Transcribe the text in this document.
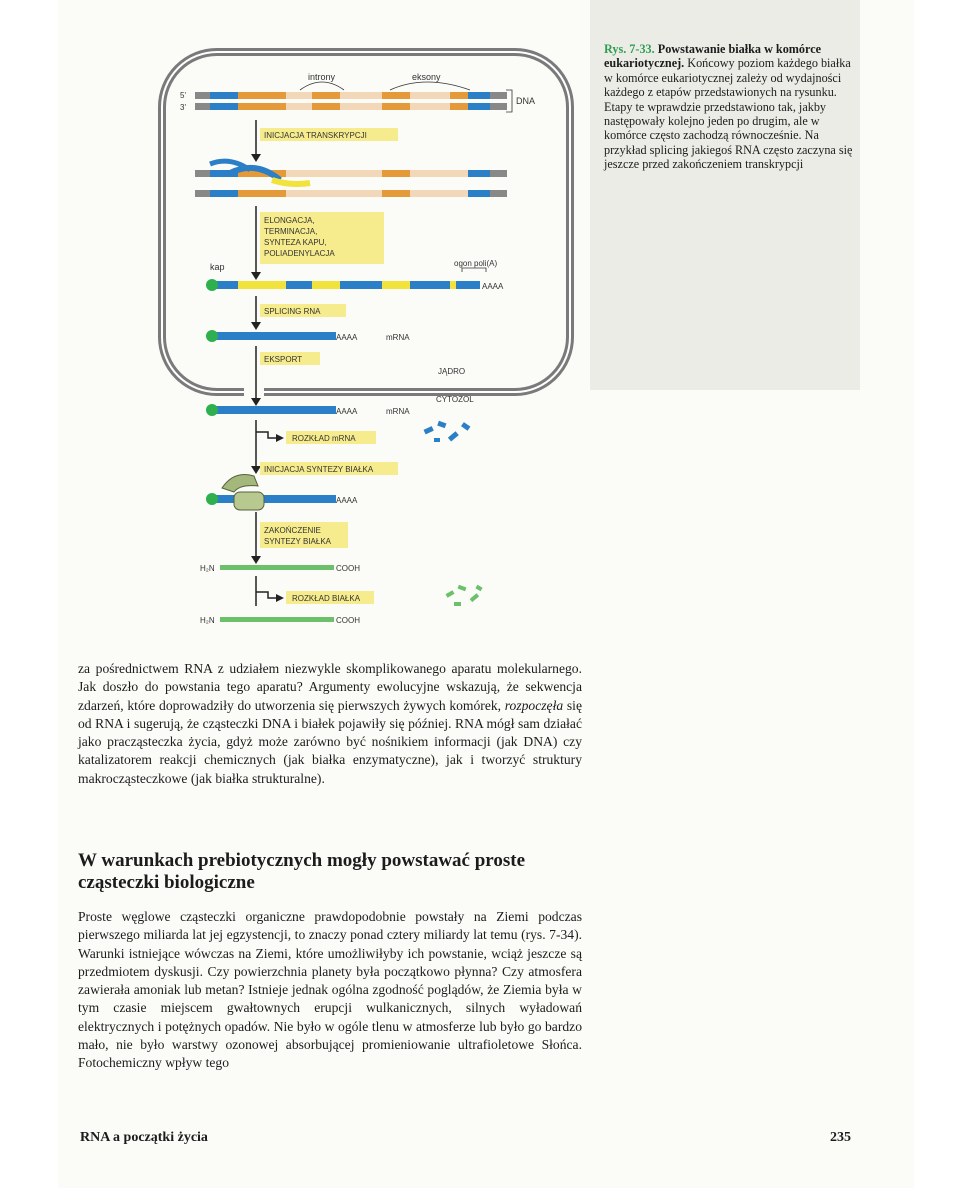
5'
3'
introny	eksony
DNA
INICJACJA TRANSKRYPCJI
ELONGACJA,
TERMINACJA,
SYNTEZA KAPU,
POLIADENYLACJA
kap	ogon poli(A)
AAAA
SPLICING RNA
AAAA	mRNA
EKSPORT
JĄDRO
CYTOZOL
AAAA	mRNA
ROZKŁAD mRNA
INICJACJA SYNTEZY BIAŁKA
AAAA
ZAKOŃCZENIE
SYNTEZY BIAŁKA
H₂N	COOH
ROZKŁAD BIAŁKA
H₂N	COOH
Rys. 7-33. Powstawanie białka w komórce eukariotycznej. Końcowy poziom każdego białka w komórce eukariotycznej zależy od wydajności każdego z etapów przedstawionych na rysunku. Etapy te wprawdzie przedstawiono tak, jakby następowały kolejno jeden po drugim, ale w komórce często zachodzą równocześnie. Na przykład splicing jakiegoś RNA często zaczyna się jeszcze przed zakończeniem transkrypcji
za pośrednictwem RNA z udziałem niezwykle skomplikowanego aparatu molekularnego. Jak doszło do powstania tego aparatu? Argumenty ewolucyjne wskazują, że sekwencja zdarzeń, które doprowadziły do utworzenia się pierwszych żywych komórek, rozpoczęła się od RNA i sugerują, że cząsteczki DNA i białek pojawiły się później. RNA mógł sam działać jako pracząsteczka życia, gdyż może zarówno być nośnikiem informacji (jak DNA) czy katalizatorem reakcji chemicznych (jak białka enzymatyczne), jak i tworzyć struktury makrocząsteczkowe (jak białka strukturalne).
W warunkach prebiotycznych mogły powstawać proste cząsteczki biologiczne
Proste węglowe cząsteczki organiczne prawdopodobnie powstały na Ziemi podczas pierwszego miliarda lat jej egzystencji, to znaczy ponad cztery miliardy lat temu (rys. 7-34). Warunki istniejące wówczas na Ziemi, które umożliwiłyby ich powstanie, wciąż jeszcze są przedmiotem dyskusji. Czy powierzchnia planety była początkowo płynna? Czy atmosfera zawierała amoniak lub metan? Istnieje jednak ogólna zgodność poglądów, że Ziemia była w tym czasie miejscem gwałtownych erupcji wulkanicznych, silnych wyładowań elektrycznych i potężnych opadów. Nie było w ogóle tlenu w atmosferze lub było go bardzo mało, nie było warstwy ozonowej absorbującej promieniowanie ultrafioletowe Słońca. Fotochemiczny wpływ tego
RNA a początki życia	235
